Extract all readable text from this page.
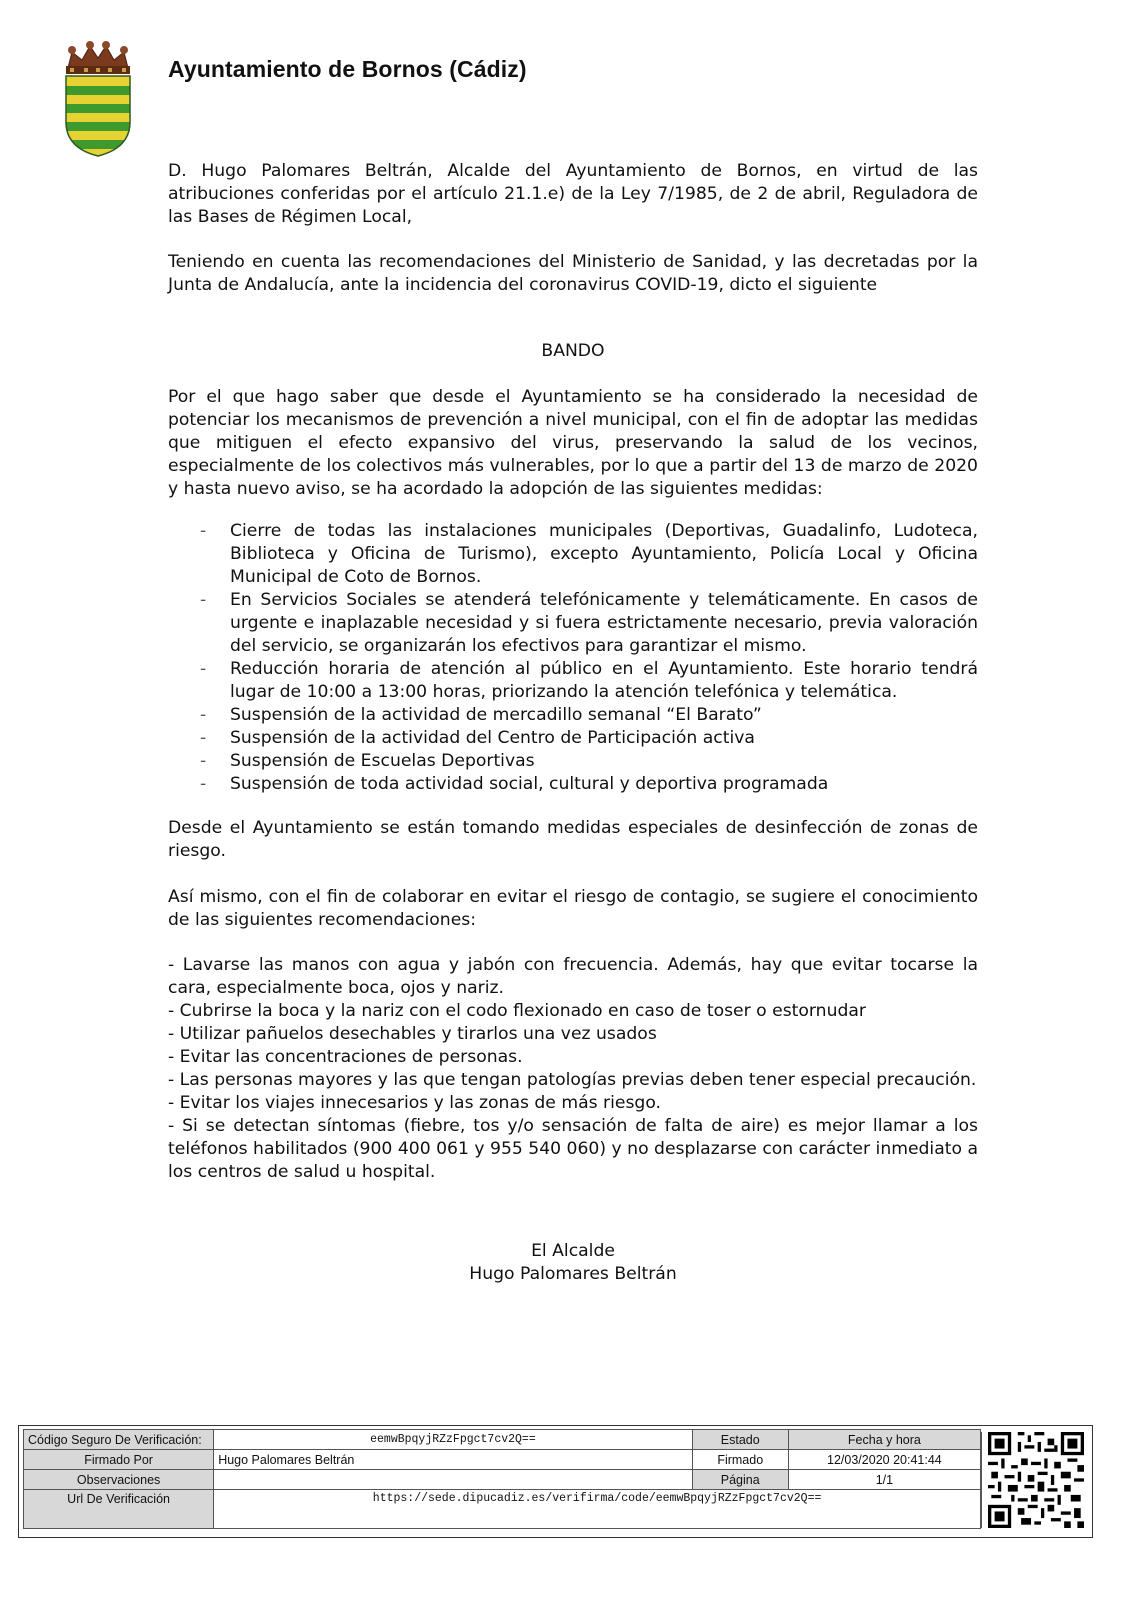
Ayuntamiento de Bornos (Cádiz)

D. Hugo Palomares Beltrán, Alcalde del Ayuntamiento de Bornos, en virtud de las atribuciones conferidas por el artículo 21.1.e) de la Ley 7/1985, de 2 de abril, Reguladora de las Bases de Régimen Local,

Teniendo en cuenta las recomendaciones del Ministerio de Sanidad, y las decretadas por la Junta de Andalucía, ante la incidencia del coronavirus COVID-19, dicto el siguiente

BANDO

Por el que hago saber que desde el Ayuntamiento se ha considerado la necesidad de potenciar los mecanismos de prevención a nivel municipal, con el fin de adoptar las medidas que mitiguen el efecto expansivo del virus, preservando la salud de los vecinos, especialmente de los colectivos más vulnerables, por lo que a partir del 13 de marzo de 2020 y hasta nuevo aviso, se ha acordado la adopción de las siguientes medidas:

- Cierre de todas las instalaciones municipales (Deportivas, Guadalinfo, Ludoteca, Biblioteca y Oficina de Turismo), excepto Ayuntamiento, Policía Local y Oficina Municipal de Coto de Bornos.
- En Servicios Sociales se atenderá telefónicamente y telemáticamente. En casos de urgente e inaplazable necesidad y si fuera estrictamente necesario, previa valoración del servicio, se organizarán los efectivos para garantizar el mismo.
- Reducción horaria de atención al público en el Ayuntamiento. Este horario tendrá lugar de 10:00 a 13:00 horas, priorizando la atención telefónica y telemática.
- Suspensión de la actividad de mercadillo semanal “El Barato”
- Suspensión de la actividad del Centro de Participación activa
- Suspensión de Escuelas Deportivas
- Suspensión de toda actividad social, cultural y deportiva programada

Desde el Ayuntamiento se están tomando medidas especiales de desinfección de zonas de riesgo.

Así mismo, con el fin de colaborar en evitar el riesgo de contagio, se sugiere el conocimiento de las siguientes recomendaciones:

- Lavarse las manos con agua y jabón con frecuencia. Además, hay que evitar tocarse la cara, especialmente boca, ojos y nariz.

- Cubrirse la boca y la nariz con el codo flexionado en caso de toser o estornudar

- Utilizar pañuelos desechables y tirarlos una vez usados

- Evitar las concentraciones de personas.

- Las personas mayores y las que tengan patologías previas deben tener especial precaución.

- Evitar los viajes innecesarios y las zonas de más riesgo.

- Si se detectan síntomas (fiebre, tos y/o sensación de falta de aire) es mejor llamar a los teléfonos habilitados (900 400 061 y 955 540 060) y no desplazarse con carácter inmediato a los centros de salud u hospital.

El Alcalde
Hugo Palomares Beltrán
Código Seguro De Verificación:	eemwBpqyjRZzFpgct7cv2Q==	Estado	Fecha y hora
Firmado Por	Hugo Palomares Beltrán	Firmado	12/03/2020 20:41:44
Observaciones		Página	1/1
Url De Verificación	https://sede.dipucadiz.es/verifirma/code/eemwBpqyjRZzFpgct7cv2Q==		
